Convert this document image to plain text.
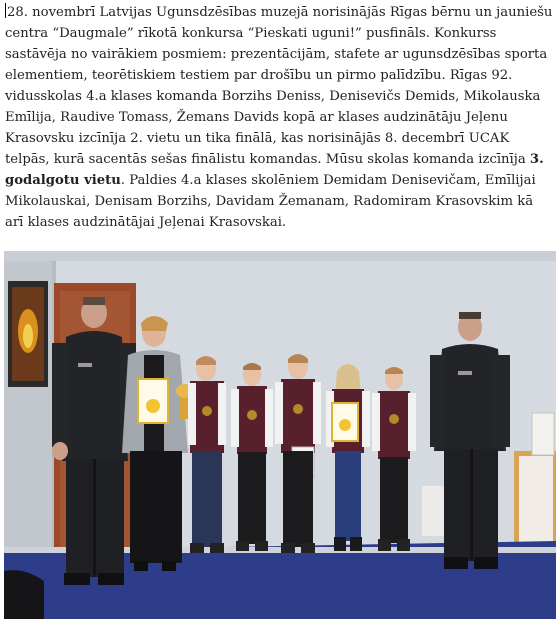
28. novembrī Latvijas Ugunsdzēsības muzejā norisinājās Rīgas bērnu un jauniešu centra “Daugmale” rīkotā konkursa “Pieskati uguni!” pusfināls. Konkurss sastāvēja no vairākiem posmiem: prezentācijām, stafete ar ugunsdzēsības sporta elementiem, teorētiskiem testiem par drošību un pirmo palīdzību. Rīgas 92. vidusskolas 4.a klases komanda Borzihs Deniss, Denisevičs Demids, Mikolauska Emīlija, Raudive Tomass, Žemans Davids kopā ar klases audzinātāju Jeļenu Krasovsku izcīnīja 2. vietu un tika finālā, kas norisinājās 8. decembrī UCAK telpās, kurā sacentās sešas finālistu komandas. Mūsu skolas komanda izcīnīja 3. godalgotu vietu. Paldies 4.a klases skolēniem Demidam Denisevičam, Emīlijai Mikolauskai, Denisam Borzihs, Davidam Žemanam, Radomiram Krasovskim kā arī klases audzinātājai Jeļenai Krasovskai.
